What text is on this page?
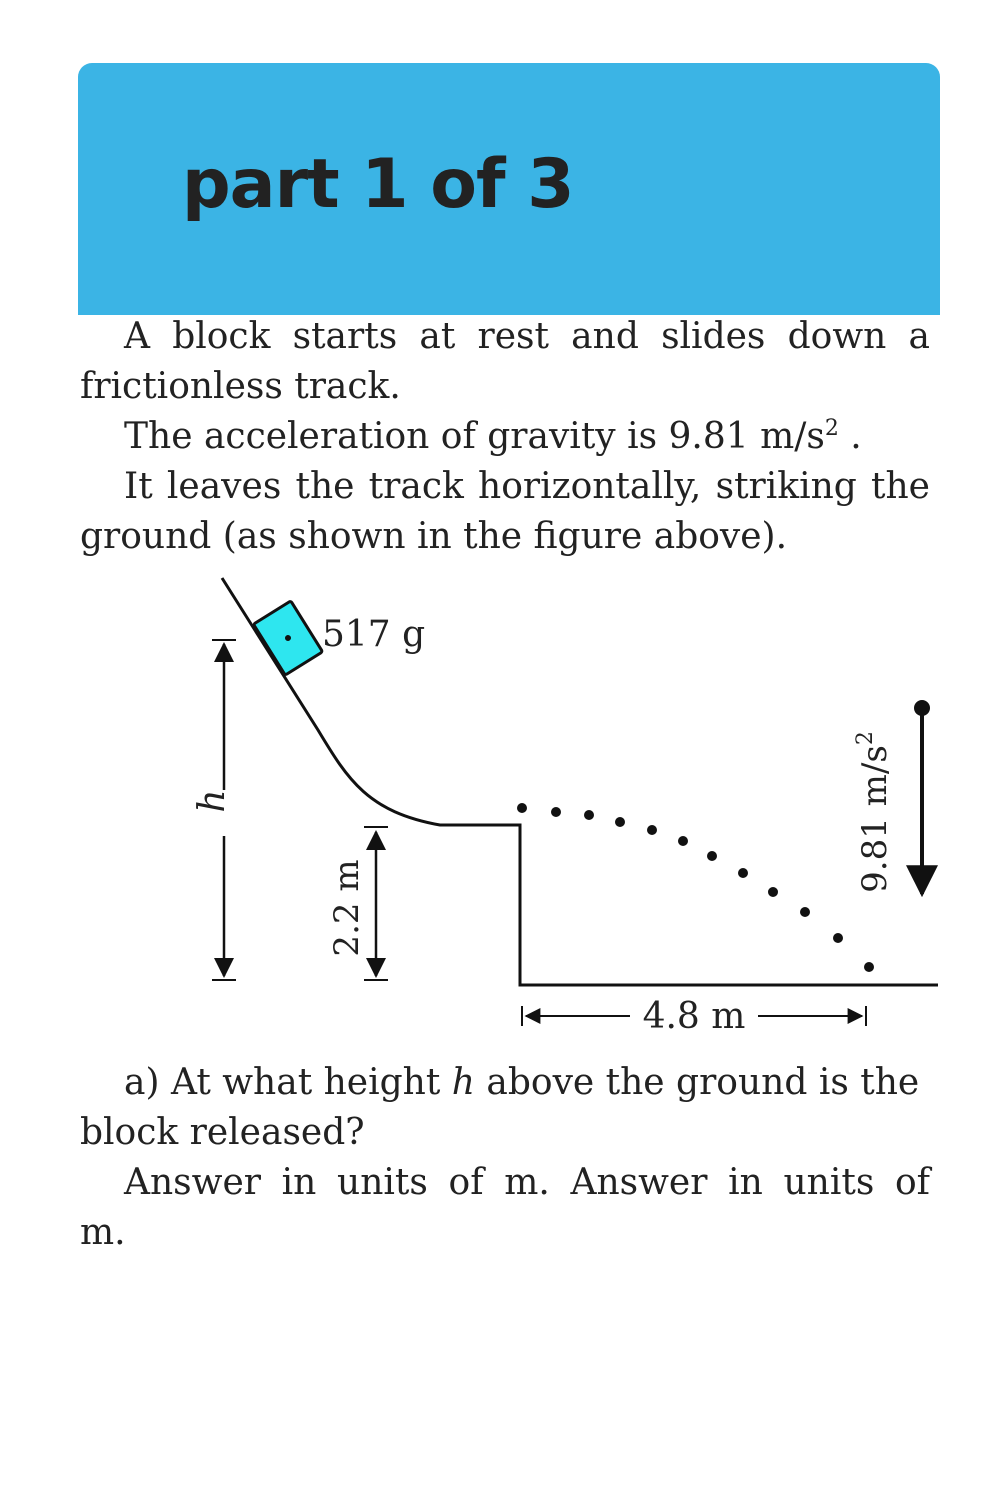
part 1 of 3
A block starts at rest and slides down a
frictionless track.
The acceleration of gravity is 9.81 $m/s^2$ .
It leaves the track horizontally, striking the
ground (as shown in the figure above).
h
2.2 m
517 g
4.8 m
9.81 $m/s^2$
a) At what height h above the ground is the
block released?
Answer in units of m. Answer in units of
m.
